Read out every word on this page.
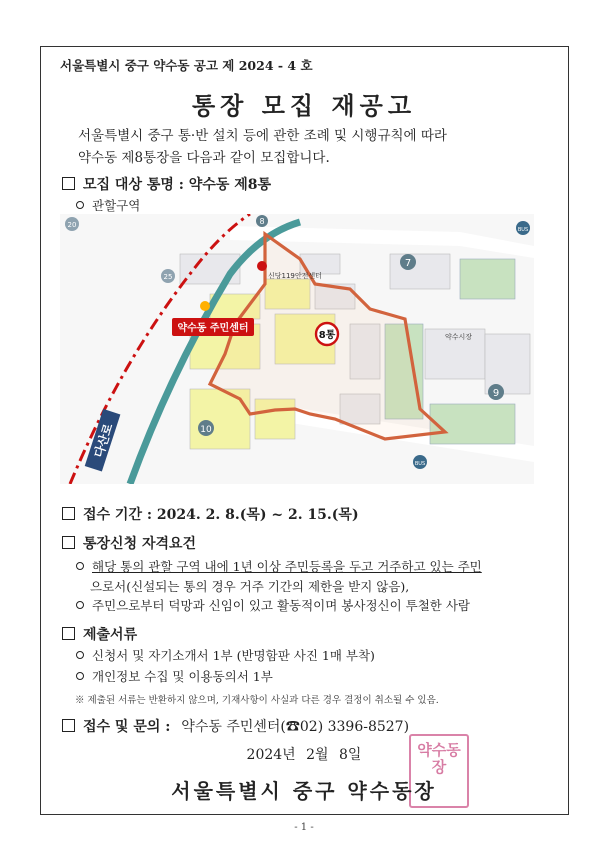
서울특별시 중구 약수동 공고 제 2024 - 4 호
통장 모집 재공고
서울특별시 중구 통·반 설치 등에 관한 조례 및 시행규칙에 따라
약수동 제8통장을 다음과 같이 모집합니다.
모집 대상 통명 : 약수동 제8통
관할구역
8통
약수동 주민센터
다산로
신당119안전센터
약수시장
7
8
9
10
20
25
BUS
BUS
접수 기간 : 2024. 2. 8.(목) ~ 2. 15.(목)
통장신청 자격요건
해당 통의 관할 구역 내에 1년 이상 주민등록을 두고 거주하고 있는 주민
으로서(신설되는 통의 경우 거주 기간의 제한을 받지 않음),
주민으로부터 덕망과 신임이 있고 활동적이며 봉사정신이 투철한 사람
제출서류
신청서 및 자기소개서 1부 (반명함판 사진 1매 부착)
개인정보 수집 및 이용동의서 1부
※ 제출된 서류는 반환하지 않으며, 기재사항이 사실과 다른 경우 결정이 취소될 수 있음.
접수 및 문의 : 약수동 주민센터(☎02) 3396-8527)
2024년 2월 8일	약수동장
서울특별시 중구 약수동장
- 1 -
